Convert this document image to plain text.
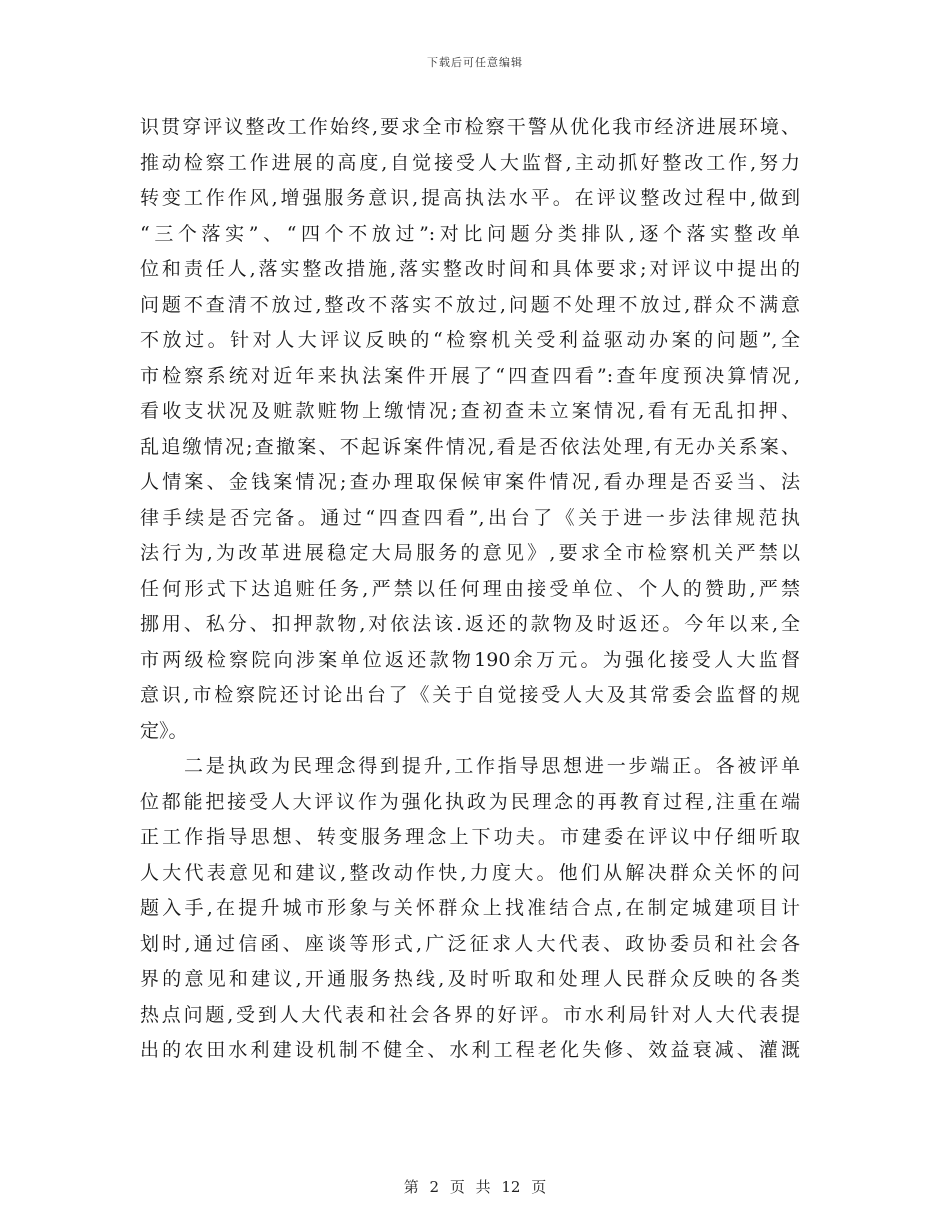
下载后可任意编辑
识贯穿评议整改工作始终,要求全市检察干警从优化我市经济进展环境、
推动检察工作进展的高度,自觉接受人大监督,主动抓好整改工作,努力
转变工作作风,增强服务意识,提高执法水平。在评议整改过程中,做到
“三个落实”、“四个不放过”:对比问题分类排队,逐个落实整改单
位和责任人,落实整改措施,落实整改时间和具体要求;对评议中提出的
问题不查清不放过,整改不落实不放过,问题不处理不放过,群众不满意
不放过。针对人大评议反映的“检察机关受利益驱动办案的问题”,全
市检察系统对近年来执法案件开展了“四查四看”:查年度预决算情况,
看收支状况及赃款赃物上缴情况;查初查未立案情况,看有无乱扣押、
乱追缴情况;查撤案、不起诉案件情况,看是否依法处理,有无办关系案、
人情案、金钱案情况;查办理取保候审案件情况,看办理是否妥当、法
律手续是否完备。通过“四查四看”,出台了《关于进一步法律规范执
法行为,为改革进展稳定大局服务的意见》,要求全市检察机关严禁以
任何形式下达追赃任务,严禁以任何理由接受单位、个人的赞助,严禁
挪用、私分、扣押款物,对依法该.返还的款物及时返还。今年以来,全
市两级检察院向涉案单位返还款物190余万元。为强化接受人大监督
意识,市检察院还讨论出台了《关于自觉接受人大及其常委会监督的规
定》。
二是执政为民理念得到提升,工作指导思想进一步端正。各被评单
位都能把接受人大评议作为强化执政为民理念的再教育过程,注重在端
正工作指导思想、转变服务理念上下功夫。市建委在评议中仔细听取
人大代表意见和建议,整改动作快,力度大。他们从解决群众关怀的问
题入手,在提升城市形象与关怀群众上找准结合点,在制定城建项目计
划时,通过信函、座谈等形式,广泛征求人大代表、政协委员和社会各
界的意见和建议,开通服务热线,及时听取和处理人民群众反映的各类
热点问题,受到人大代表和社会各界的好评。市水利局针对人大代表提
出的农田水利建设机制不健全、水利工程老化失修、效益衰减、灌溉
第 2 页 共 12 页
